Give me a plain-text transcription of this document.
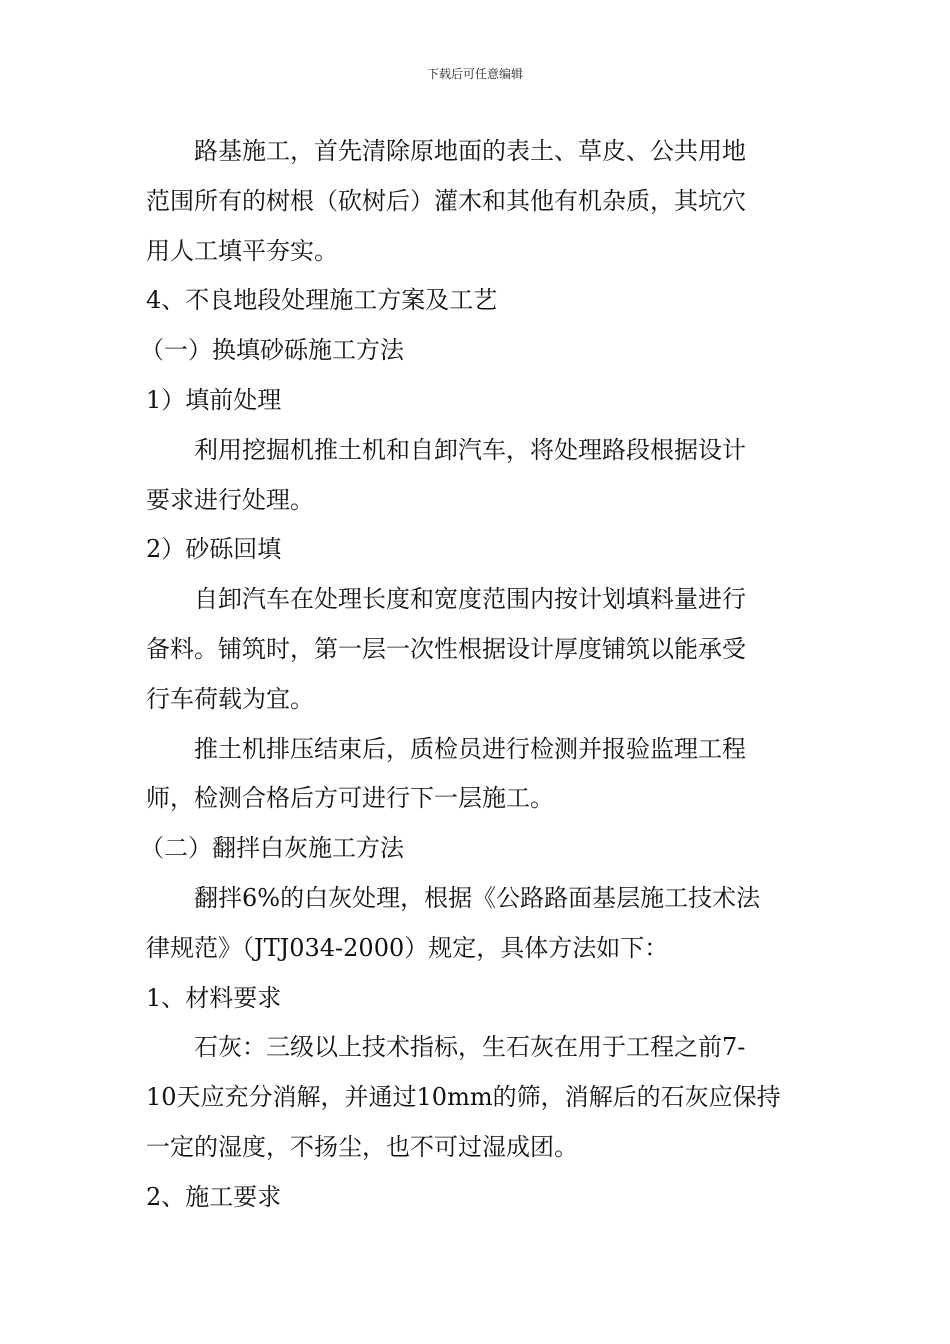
下载后可任意编辑

路基施工，首先清除原地面的表土、草皮、公共用地

范围所有的树根（砍树后）灌木和其他有机杂质，其坑穴

用人工填平夯实。

4、不良地段处理施工方案及工艺

（一）换填砂砾施工方法

1）填前处理

利用挖掘机推土机和自卸汽车，将处理路段根据设计

要求进行处理。

2）砂砾回填

自卸汽车在处理长度和宽度范围内按计划填料量进行

备料。铺筑时，第一层一次性根据设计厚度铺筑以能承受

行车荷载为宜。

推土机排压结束后，质检员进行检测并报验监理工程

师，检测合格后方可进行下一层施工。

（二）翻拌白灰施工方法

翻拌6%的白灰处理，根据《公路路面基层施工技术法

律规范》（JTJ034-2000）规定，具体方法如下：

1、材料要求

石灰：三级以上技术指标，生石灰在用于工程之前7-

10天应充分消解，并通过10mm的筛，消解后的石灰应保持

一定的湿度，不扬尘，也不可过湿成团。

2、施工要求
